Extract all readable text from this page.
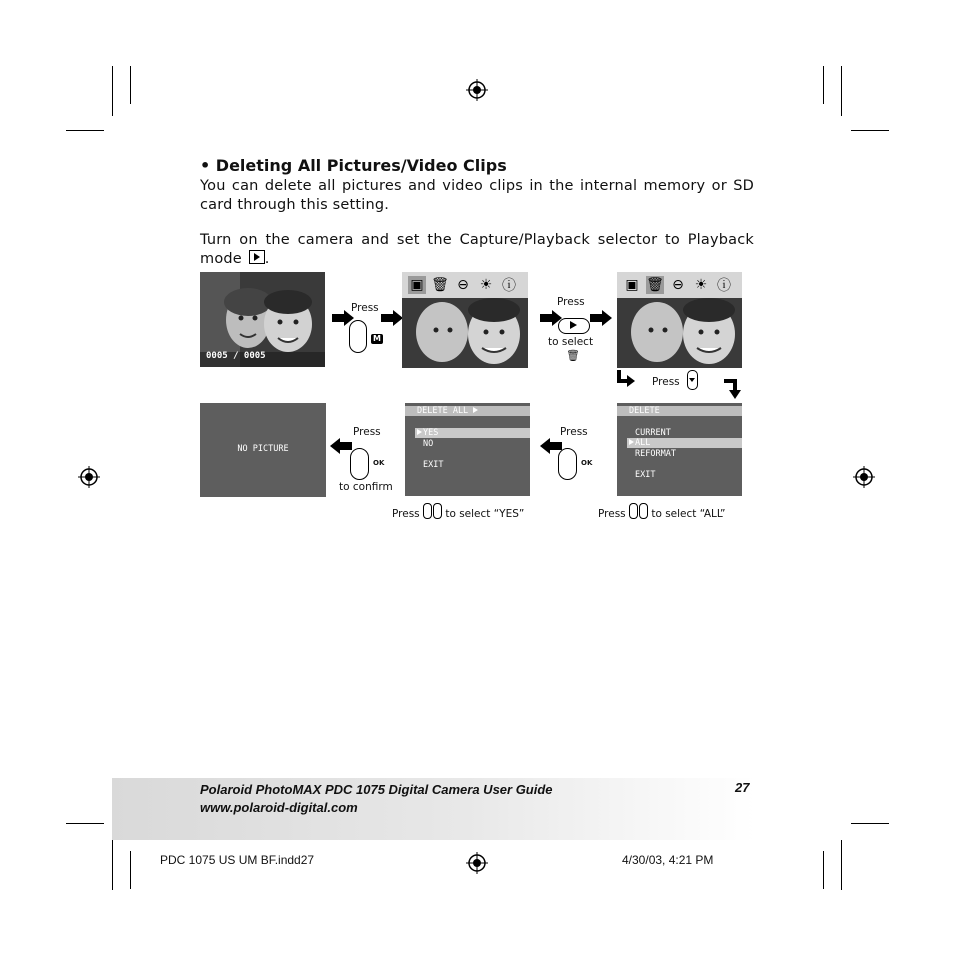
• Deleting All Pictures/Video Clips
You can delete all pictures and video clips in the internal memory or SD card through this setting.
Turn on the camera and set the Capture/Playback selector to Playback mode .
0005 / 0005
Press
M
▣ 🗑 ⊖ ☀ ⓘ
Press
to select
🗑
▣ 🗑 ⊖ ☀ ⓘ
Press
DELETE
CURRENT
ALL
REFORMAT
EXIT
Press to select “ALL”
Press
OK
DELETE ALL
YES
NO
EXIT
Press to select “YES”
Press
OK
to confirm
NO PICTURE
Polaroid PhotoMAX PDC 1075 Digital Camera User Guide
www.polaroid-digital.com
27
PDC 1075 US UM BF.indd27	4/30/03, 4:21 PM
